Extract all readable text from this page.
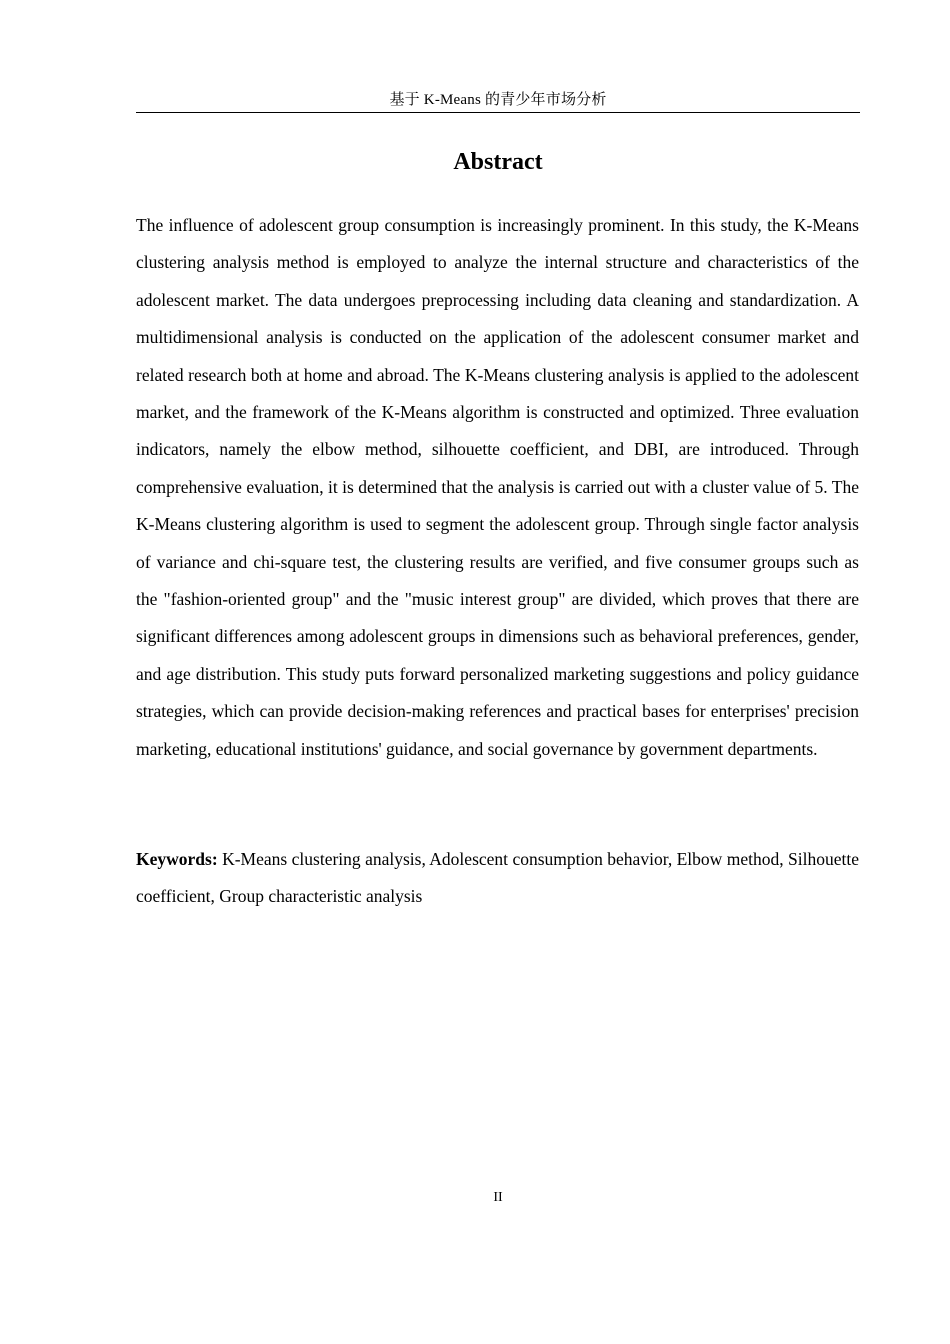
基于 K-Means 的青少年市场分析
Abstract

The influence of adolescent group consumption is increasingly prominent. In this study, the K-Means clustering analysis method is employed to analyze the internal structure and characteristics of the adolescent market. The data undergoes preprocessing including data cleaning and standardization. A multidimensional analysis is conducted on the application of the adolescent consumer market and related research both at home and abroad. The K-Means clustering analysis is applied to the adolescent market, and the framework of the K-Means algorithm is constructed and optimized. Three evaluation indicators, namely the elbow method, silhouette coefficient, and DBI, are introduced. Through comprehensive evaluation, it is determined that the analysis is carried out with a cluster value of 5. The K-Means clustering algorithm is used to segment the adolescent group. Through single factor analysis of variance and chi-square test, the clustering results are verified, and five consumer groups such as the "fashion-oriented group" and the "music interest group" are divided, which proves that there are significant differences among adolescent groups in dimensions such as behavioral preferences, gender, and age distribution. This study puts forward personalized marketing suggestions and policy guidance strategies, which can provide decision-making references and practical bases for enterprises' precision marketing, educational institutions' guidance, and social governance by government departments.

Keywords: K-Means clustering analysis, Adolescent consumption behavior, Elbow method, Silhouette coefficient, Group characteristic analysis

II
